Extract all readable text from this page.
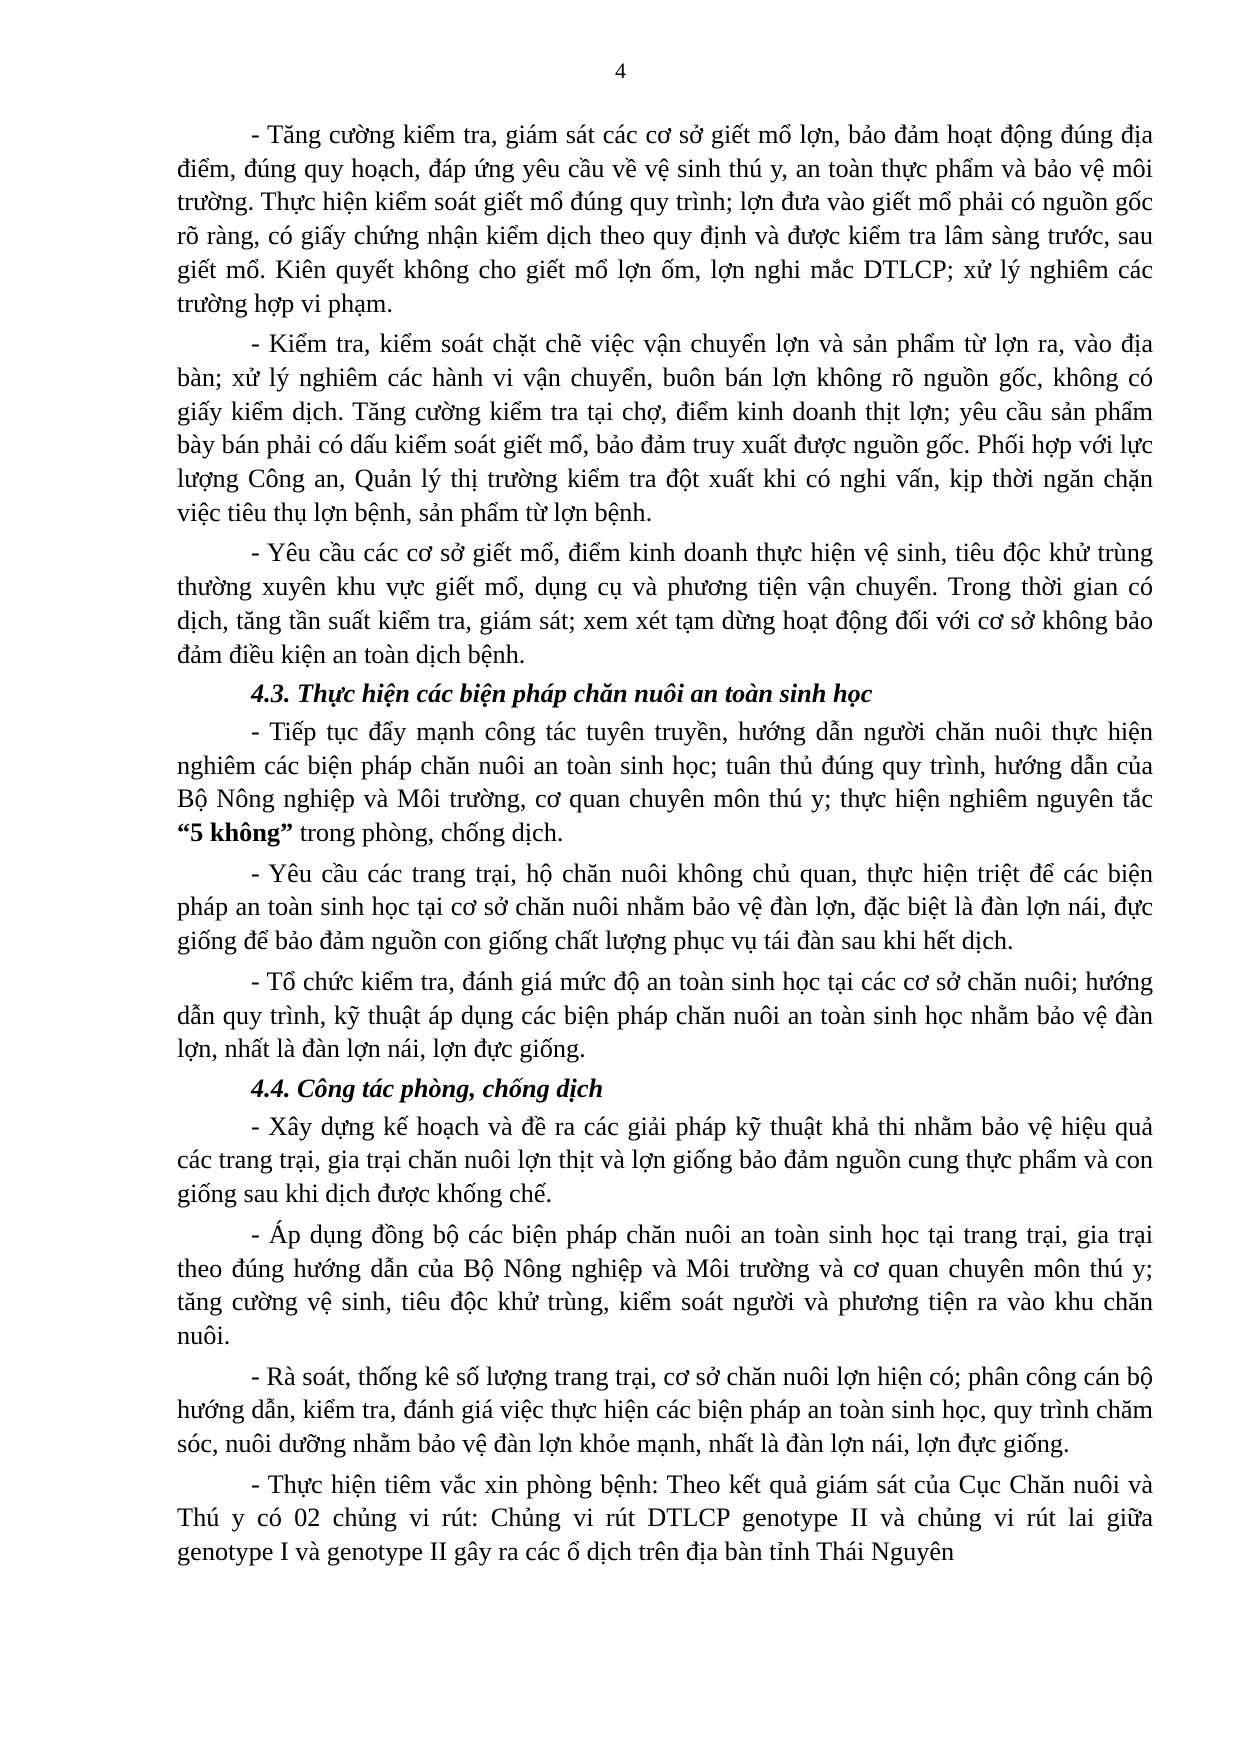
4

- Tăng cường kiểm tra, giám sát các cơ sở giết mổ lợn, bảo đảm hoạt động đúng địa điểm, đúng quy hoạch, đáp ứng yêu cầu về vệ sinh thú y, an toàn thực phẩm và bảo vệ môi trường. Thực hiện kiểm soát giết mổ đúng quy trình; lợn đưa vào giết mổ phải có nguồn gốc rõ ràng, có giấy chứng nhận kiểm dịch theo quy định và được kiểm tra lâm sàng trước, sau giết mổ. Kiên quyết không cho giết mổ lợn ốm, lợn nghi mắc DTLCP; xử lý nghiêm các trường hợp vi phạm.

- Kiểm tra, kiểm soát chặt chẽ việc vận chuyển lợn và sản phẩm từ lợn ra, vào địa bàn; xử lý nghiêm các hành vi vận chuyển, buôn bán lợn không rõ nguồn gốc, không có giấy kiểm dịch. Tăng cường kiểm tra tại chợ, điểm kinh doanh thịt lợn; yêu cầu sản phẩm bày bán phải có dấu kiểm soát giết mổ, bảo đảm truy xuất được nguồn gốc. Phối hợp với lực lượng Công an, Quản lý thị trường kiểm tra đột xuất khi có nghi vấn, kịp thời ngăn chặn việc tiêu thụ lợn bệnh, sản phẩm từ lợn bệnh.

- Yêu cầu các cơ sở giết mổ, điểm kinh doanh thực hiện vệ sinh, tiêu độc khử trùng thường xuyên khu vực giết mổ, dụng cụ và phương tiện vận chuyển. Trong thời gian có dịch, tăng tần suất kiểm tra, giám sát; xem xét tạm dừng hoạt động đối với cơ sở không bảo đảm điều kiện an toàn dịch bệnh.

4.3. Thực hiện các biện pháp chăn nuôi an toàn sinh học

- Tiếp tục đẩy mạnh công tác tuyên truyền, hướng dẫn người chăn nuôi thực hiện nghiêm các biện pháp chăn nuôi an toàn sinh học; tuân thủ đúng quy trình, hướng dẫn của Bộ Nông nghiệp và Môi trường, cơ quan chuyên môn thú y; thực hiện nghiêm nguyên tắc “5 không” trong phòng, chống dịch.

- Yêu cầu các trang trại, hộ chăn nuôi không chủ quan, thực hiện triệt để các biện pháp an toàn sinh học tại cơ sở chăn nuôi nhằm bảo vệ đàn lợn, đặc biệt là đàn lợn nái, đực giống để bảo đảm nguồn con giống chất lượng phục vụ tái đàn sau khi hết dịch.

- Tổ chức kiểm tra, đánh giá mức độ an toàn sinh học tại các cơ sở chăn nuôi; hướng dẫn quy trình, kỹ thuật áp dụng các biện pháp chăn nuôi an toàn sinh học nhằm bảo vệ đàn lợn, nhất là đàn lợn nái, lợn đực giống.

4.4. Công tác phòng, chống dịch

- Xây dựng kế hoạch và đề ra các giải pháp kỹ thuật khả thi nhằm bảo vệ hiệu quả các trang trại, gia trại chăn nuôi lợn thịt và lợn giống bảo đảm nguồn cung thực phẩm và con giống sau khi dịch được khống chế.

- Áp dụng đồng bộ các biện pháp chăn nuôi an toàn sinh học tại trang trại, gia trại theo đúng hướng dẫn của Bộ Nông nghiệp và Môi trường và cơ quan chuyên môn thú y; tăng cường vệ sinh, tiêu độc khử trùng, kiểm soát người và phương tiện ra vào khu chăn nuôi.

- Rà soát, thống kê số lượng trang trại, cơ sở chăn nuôi lợn hiện có; phân công cán bộ hướng dẫn, kiểm tra, đánh giá việc thực hiện các biện pháp an toàn sinh học, quy trình chăm sóc, nuôi dưỡng nhằm bảo vệ đàn lợn khỏe mạnh, nhất là đàn lợn nái, lợn đực giống.

- Thực hiện tiêm vắc xin phòng bệnh: Theo kết quả giám sát của Cục Chăn nuôi và Thú y có 02 chủng vi rút: Chủng vi rút DTLCP genotype II và chủng vi rút lai giữa genotype I và genotype II gây ra các ổ dịch trên địa bàn tỉnh Thái Nguyên
